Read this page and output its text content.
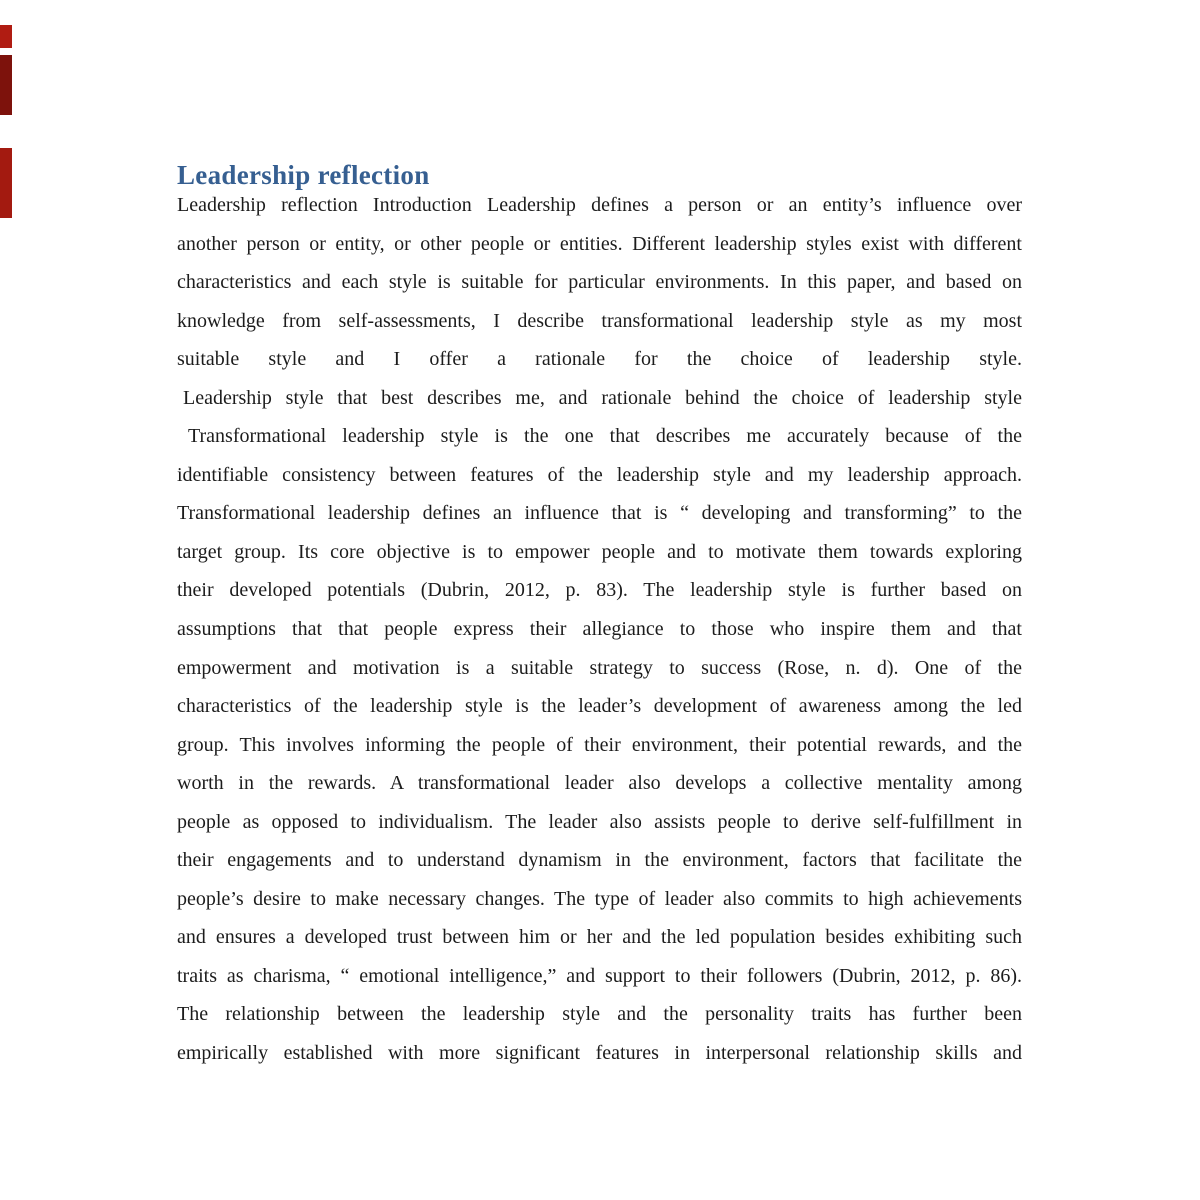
Leadership reflection
Leadership reflection Introduction Leadership defines a person or an entity’s influence over
another person or entity, or other people or entities. Different leadership styles exist with different
characteristics and each style is suitable for particular environments. In this paper, and based on
knowledge from self-assessments, I describe transformational leadership style as my most
suitable style and I offer a rationale for the choice of leadership style.
Leadership style that best describes me, and rationale behind the choice of leadership style
Transformational leadership style is the one that describes me accurately because of the
identifiable consistency between features of the leadership style and my leadership approach.
Transformational leadership defines an influence that is “ developing and transforming” to the
target group. Its core objective is to empower people and to motivate them towards exploring
their developed potentials (Dubrin, 2012, p. 83). The leadership style is further based on
assumptions that that people express their allegiance to those who inspire them and that
empowerment and motivation is a suitable strategy to success (Rose, n. d). One of the
characteristics of the leadership style is the leader’s development of awareness among the led
group. This involves informing the people of their environment, their potential rewards, and the
worth in the rewards. A transformational leader also develops a collective mentality among
people as opposed to individualism. The leader also assists people to derive self-fulfillment in
their engagements and to understand dynamism in the environment, factors that facilitate the
people’s desire to make necessary changes. The type of leader also commits to high achievements
and ensures a developed trust between him or her and the led population besides exhibiting such
traits as charisma, “ emotional intelligence,” and support to their followers (Dubrin, 2012, p. 86).
The relationship between the leadership style and the personality traits has further been
empirically established with more significant features in interpersonal relationship skills and
